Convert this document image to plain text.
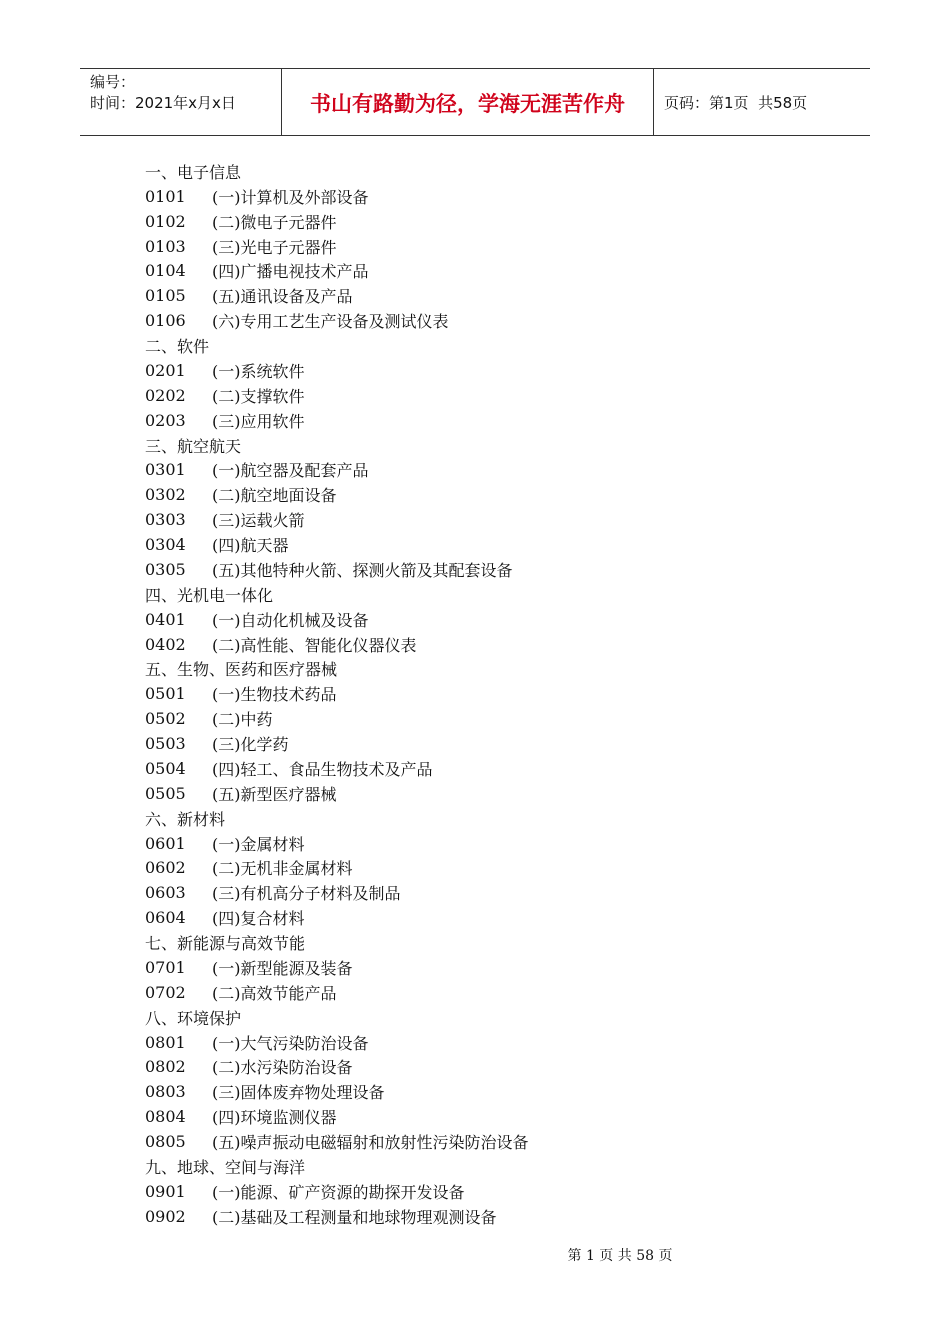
编号：
时间：2021年x月x日	书山有路勤为径，学海无涯苦作舟	页码：第1页  共58页
一、电子信息
0101	(一)计算机及外部设备
0102	(二)微电子元器件
0103	(三)光电子元器件
0104	(四)广播电视技术产品
0105	(五)通讯设备及产品
0106	(六)专用工艺生产设备及测试仪表
二、软件
0201	(一)系统软件
0202	(二)支撑软件
0203	(三)应用软件
三、航空航天
0301	(一)航空器及配套产品
0302	(二)航空地面设备
0303	(三)运载火箭
0304	(四)航天器
0305	(五)其他特种火箭、探测火箭及其配套设备
四、光机电一体化
0401	(一)自动化机械及设备
0402	(二)高性能、智能化仪器仪表
五、生物、医药和医疗器械
0501	(一)生物技术药品
0502	(二)中药
0503	(三)化学药
0504	(四)轻工、食品生物技术及产品
0505	(五)新型医疗器械
六、新材料
0601	(一)金属材料
0602	(二)无机非金属材料
0603	(三)有机高分子材料及制品
0604	(四)复合材料
七、新能源与高效节能
0701	(一)新型能源及装备
0702	(二)高效节能产品
八、环境保护
0801	(一)大气污染防治设备
0802	(二)水污染防治设备
0803	(三)固体废弃物处理设备
0804	(四)环境监测仪器
0805	(五)噪声振动电磁辐射和放射性污染防治设备
九、地球、空间与海洋
0901	(一)能源、矿产资源的勘探开发设备
0902	(二)基础及工程测量和地球物理观测设备
第 1 页 共 58 页
